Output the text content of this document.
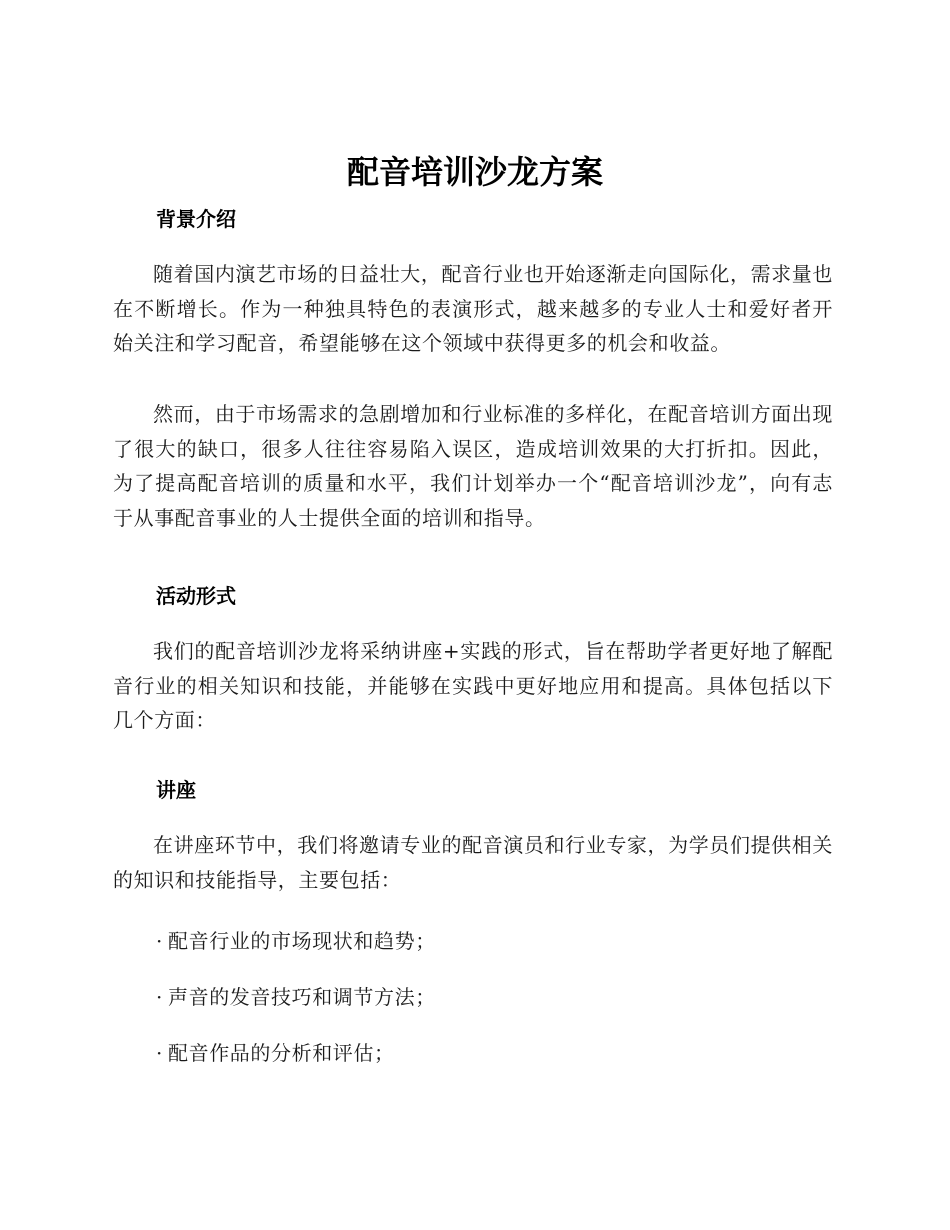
配音培训沙龙方案
背景介绍

随着国内演艺市场的日益壮大，配音行业也开始逐渐走向国际化，需求量也在不断增长。作为一种独具特色的表演形式，越来越多的专业人士和爱好者开始关注和学习配音，希望能够在这个领域中获得更多的机会和收益。

然而，由于市场需求的急剧增加和行业标准的多样化，在配音培训方面出现了很大的缺口，很多人往往容易陷入误区，造成培训效果的大打折扣。因此，为了提高配音培训的质量和水平，我们计划举办一个“配音培训沙龙”，向有志于从事配音事业的人士提供全面的培训和指导。

活动形式

我们的配音培训沙龙将采纳讲座+实践的形式，旨在帮助学者更好地了解配音行业的相关知识和技能，并能够在实践中更好地应用和提高。具体包括以下几个方面：

讲座

在讲座环节中，我们将邀请专业的配音演员和行业专家，为学员们提供相关的知识和技能指导，主要包括：

· 配音行业的市场现状和趋势；

· 声音的发音技巧和调节方法；

· 配音作品的分析和评估；
